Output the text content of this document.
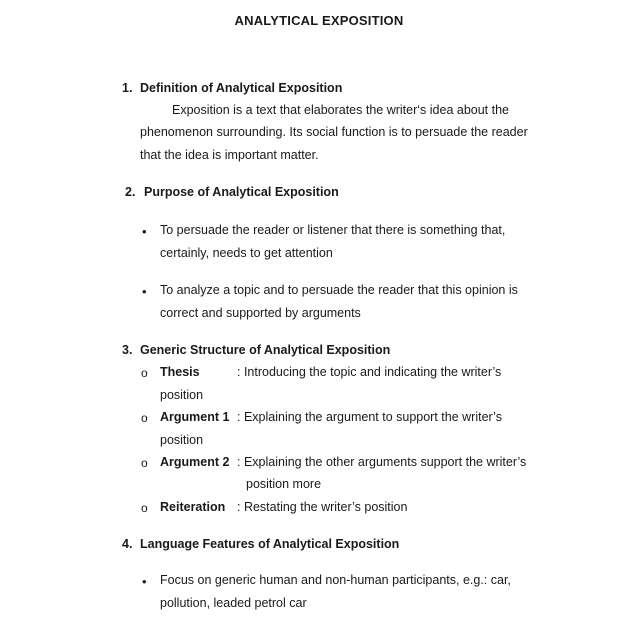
ANALYTICAL EXPOSITION
1. Definition of Analytical Exposition
Exposition is a text that elaborates the writer‘s idea about the
phenomenon surrounding. Its social function is to persuade the reader
that the idea is important matter.
2. Purpose of Analytical Exposition
• To persuade the reader or listener that there is something that,
certainly, needs to get attention
• To analyze a topic and to persuade the reader that this opinion is
correct and supported by arguments
3. Generic Structure of Analytical Exposition
o Thesis	: Introducing the topic and indicating the writer’s
position
o Argument 1 : Explaining the argument to support the writer’s
position
o Argument 2 : Explaining the other arguments support the writer’s
position more
o Reiteration : Restating the writer’s position
4. Language Features of Analytical Exposition
• Focus on generic human and non-human participants, e.g.: car,
pollution, leaded petrol car
